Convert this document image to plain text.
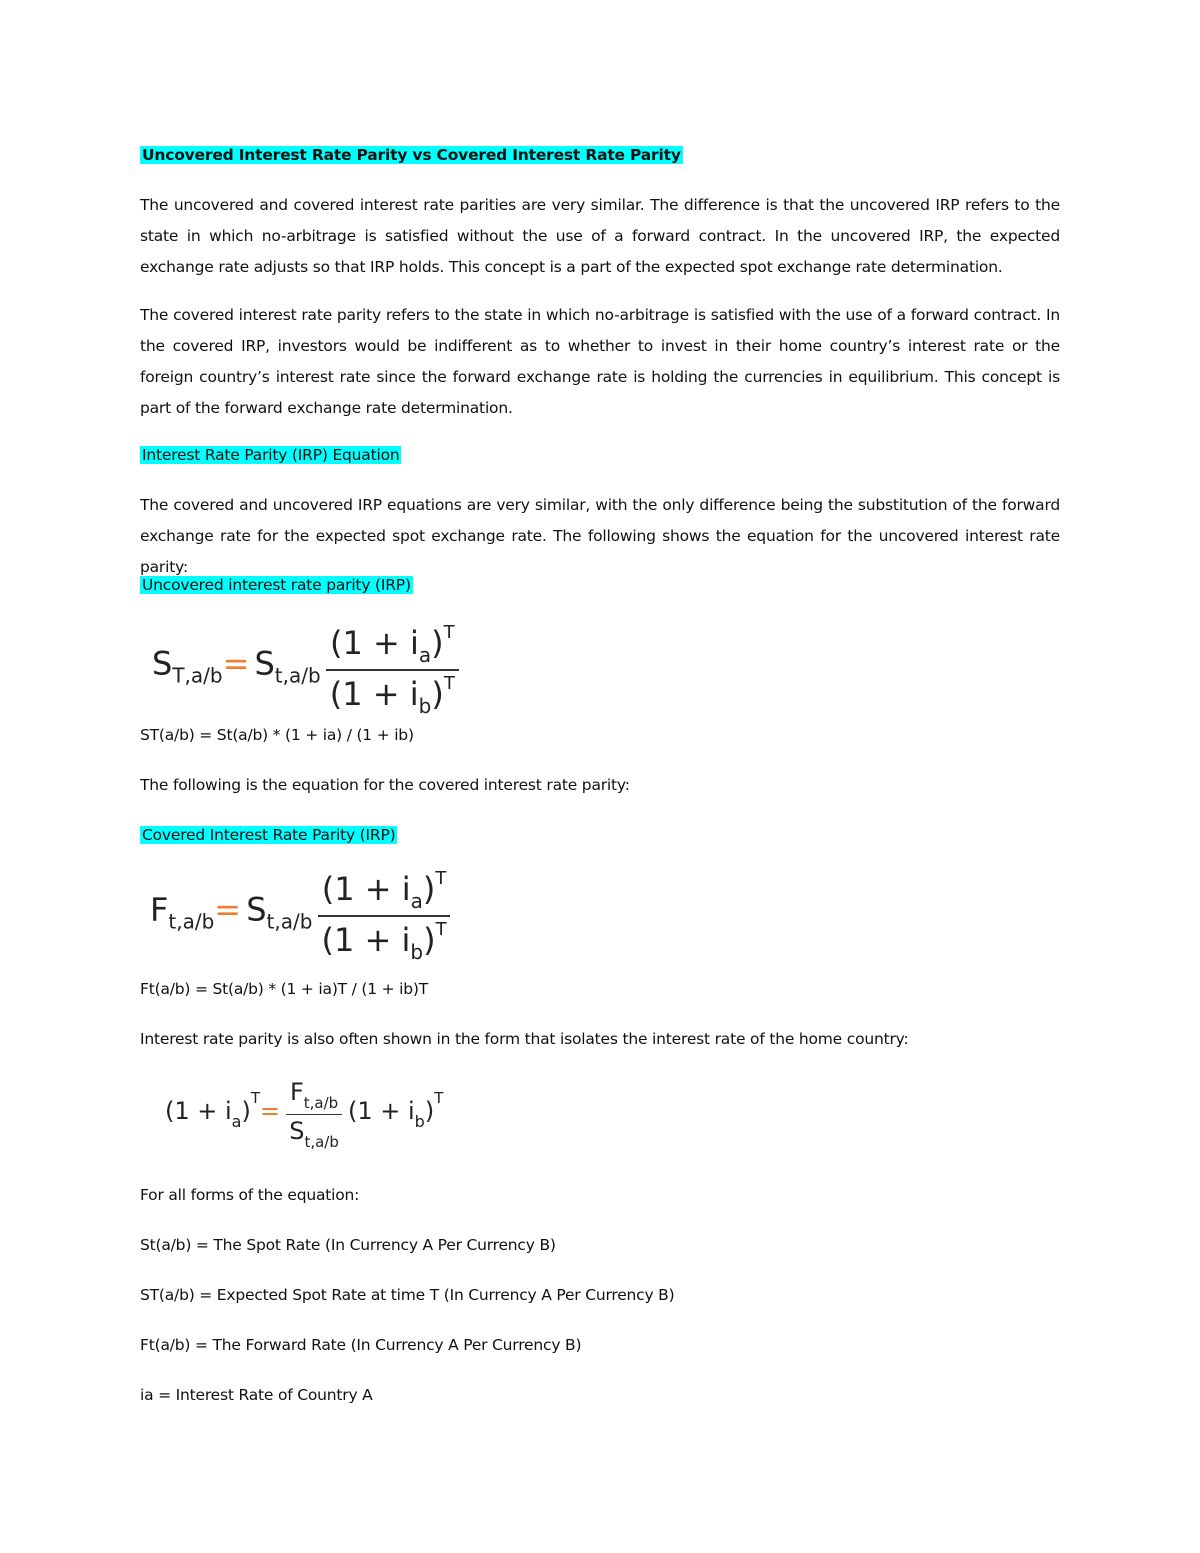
Uncovered Interest Rate Parity vs Covered Interest Rate Parity

The uncovered and covered interest rate parities are very similar. The difference is that the uncovered IRP refers to the state in which no-arbitrage is satisfied without the use of a forward contract. In the uncovered IRP, the expected exchange rate adjusts so that IRP holds. This concept is a part of the expected spot exchange rate determination.

The covered interest rate parity refers to the state in which no-arbitrage is satisfied with the use of a forward contract. In the covered IRP, investors would be indifferent as to whether to invest in their home country’s interest rate or the foreign country’s interest rate since the forward exchange rate is holding the currencies in equilibrium. This concept is part of the forward exchange rate determination.

Interest Rate Parity (IRP) Equation

The covered and uncovered IRP equations are very similar, with the only difference being the substitution of the forward exchange rate for the expected spot exchange rate. The following shows the equation for the uncovered interest rate parity:

Uncovered interest rate parity (IRP)

$ST,a/b= St,a/b \frac{(1 + ia)T}{(1 + ib)T}$

ST(a/b) = St(a/b) * (1 + ia) / (1 + ib)

The following is the equation for the covered interest rate parity:

Covered Interest Rate Parity (IRP)

$Ft,a/b= St,a/b \frac{(1 + ia)T}{(1 + ib)T}$

Ft(a/b) = St(a/b) * (1 + ia)T / (1 + ib)T

Interest rate parity is also often shown in the form that isolates the interest rate of the home country:

$(1 + ia)T= \frac{Ft,a/b}{St,a/b} (1 + ib)T$

For all forms of the equation:

St(a/b) = The Spot Rate (In Currency A Per Currency B)

ST(a/b) = Expected Spot Rate at time T (In Currency A Per Currency B)

Ft(a/b) = The Forward Rate (In Currency A Per Currency B)

ia = Interest Rate of Country A
